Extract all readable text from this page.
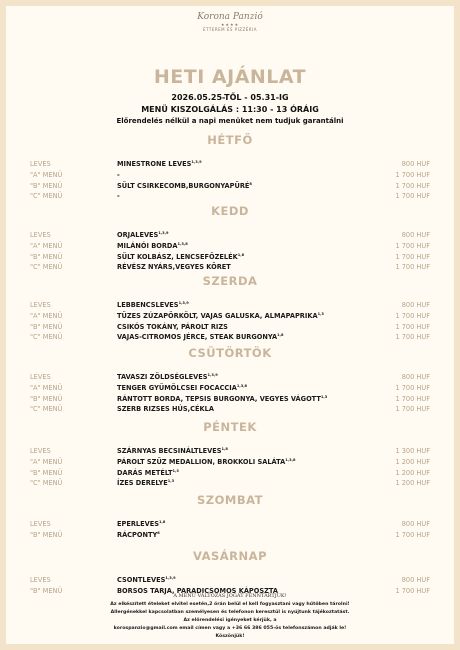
Korona Panzió
★★★★
ÉTTEREM ÉS PIZZÉRIA
HETI AJÁNLAT
2026.05.25-TŐL - 05.31-IG
MENÜ KISZOLGÁLÁS : 11:30 - 13 ÓRÁIG
Előrendelés nélkül a napi menüket nem tudjuk garantálni
HÉTFŐ
LEVES	MINESTRONE LEVES$^{1,3,9}$	800 HUF
"A" MENÜ	-	1 700 HUF
"B" MENÜ	SÜLT CSIRKECOMB,BURGONYAPÜRÉ$^8$	1 700 HUF
"C" MENÜ	-	1 700 HUF
KEDD
LEVES	ORJALEVES$^{1,3,9}$	800 HUF
"A" MENÜ	MILÁNÓI BORDA$^{1,3,8}$	1 700 HUF
"B" MENÜ	SÜLT KOLBÁSZ, LENCSEFŐZELÉK$^{1,8}$	1 700 HUF
"C" MENÜ	RÉVÉSZ NYÁRS,VEGYES KÖRET	1 700 HUF
SZERDA
LEVES	LEBBENCSLEVES$^{1,3,9}$	800 HUF
"A" MENÜ	TÜZES ZÚZAPÖRKÖLT, VAJAS GALUSKA, ALMAPAPRIKA$^{1,3}$	1 700 HUF
"B" MENÜ	CSIKÓS TOKÁNY, PÁROLT RIZS	1 700 HUF
"C" MENÜ	VAJAS-CITROMOS JÉRCE, STEAK BURGONYA$^{1,8}$	1 700 HUF
CSÜTÖRTÖK
LEVES	TAVASZI ZÖLDSÉGLEVES$^{1,3,9}$	800 HUF
"A" MENÜ	TENGER GYÜMÖLCSEI FOCACCIA$^{1,3,8}$	1 700 HUF
"B" MENÜ	RÁNTOTT BORDA, TEPSIS BURGONYA, VEGYES VÁGOTT$^{1,3}$	1 700 HUF
"C" MENÜ	SZERB RIZSES HÚS,CÉKLA	1 700 HUF
PÉNTEK
LEVES	SZÁRNYAS BECSINÁLTLEVES$^{1,8}$	1 300 HUF
"A" MENÜ	PÁROLT SZŰZ MEDALLION, BROKKOLI SALÁTA$^{1,3,8}$	1 200 HUF
"B" MENÜ	DARÁS METÉLT$^{1,3}$	1 200 HUF
"C" MENÜ	ÍZES DERELYE$^{1,3}$	1 200 HUF
SZOMBAT
LEVES	EPERLEVES$^{1,8}$	800 HUF
"B" MENÜ	RÁCPONTY$^8$	1 700 HUF
VASÁRNAP
LEVES	CSONTLEVES$^{1,3,9}$	800 HUF
"B" MENÜ	BORSOS TARJA, PARADICSOMOS KÁPOSZTA	1 700 HUF
A MENÜ VÁLTOZÁS JOGÁT FENNTARTJUK!
Az elkészített ételeket elvitel esetén,2 órán belül el kell fogyasztani vagy hűtőben tárolni!
Allergénekkel kapcsolatban személyesen és telefonon keresztül is nyújtunk tájékoztatást.
Az előrendelési igényeket kérjük, a
korospanzio@gmail.com email címen vagy a +36 66 386 055-ös telefonszámon adják le!
Köszönjük!
